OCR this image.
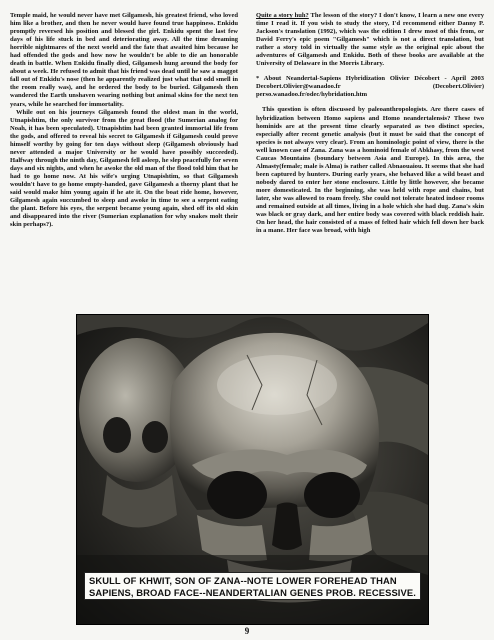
Temple maid, he would never have met Gilgamesh, his greatest friend, who loved him like a brother, and then he never would have found true happiness. Enkidu promptly reversed his position and blessed the girl. Enkidu spent the last few days of his life stuck in bed and deteriorating away. All the time dreaming horrible nightmares of the next world and the fate that awaited him because he had offended the gods and how now he wouldn't be able to die an honorable death in battle. When Enkidu finally died, Gilgamesh hung around the body for about a week. He refused to admit that his friend was dead until he saw a maggot fall out of Enkidu's nose (then he apparently realized just what that odd smell in the room really was), and he ordered the body to be buried. Gilgamesh then wandered the Earth unshaven wearing nothing but animal skins for the next ten years, while he searched for immortality.

While out on his journeys Gilgamesh found the oldest man in the world, Utnapishtim, the only survivor from the great flood (the Sumerian analog for Noah, it has been speculated). Utnapishtim had been granted immortal life from the gods, and offered to reveal his secret to Gilgamesh if Gilgamesh could prove himself worthy by going for ten days without sleep (Gilgamesh obviously had never attended a major University or he would have possibly succeeded). Halfway through the ninth day, Gilgamesh fell asleep, he slep peacefully for seven days and six nights, and when he awoke the old man of the flood told him that he had to go home now. At his wife's urging Utnapishtim, so that Gilgamesh wouldn't have to go home empty-handed, gave Gilgamesh a thorny plant that he said would make him young again if he ate it. On the boat ride home, however, Gilgamesh again succumbed to sleep and awoke in time to see a serpent eating the plant. Before his eyes, the serpent became young again, shed off its old skin and disappeared into the river (Sumerian explanation for why snakes molt their skin perhaps?).

Quite a story huh? The lesson of the story? I don't know, I learn a new one every time I read it. If you wish to study the story, I'd recommend either Danny P. Jackson's translation (1992), which was the edition I drew most of this from, or David Ferry's epic poem "Gilgamesh" which is not a direct translation, but rather a story told in virtually the same style as the original epic about the adventures of Gilgamesh and Enkidu. Both of these books are available at the University of Delaware in the Morris Library.

* About Neandertal-Sapiens Hybridization Olivier Décobert - April 2003 Decobert.Olivier@wanadoo.fr (Decobert.Olivier) perso.wanadoo.fr/odec/hybridation.htm

This question is often discussed by paleoanthropologists. Are there cases of hybridization between Homo sapiens and Homo neandertalensis? These two hominids are at the present time clearly separated as two distinct species, especially after recent genetic analysis (but it must be said that the concept of species is not always very clear). From an hominologic point of view, there is the well known case of Zana. Zana was a hominoid female of Abkhasy, from the west Caucas Mountains (boundary between Asia and Europe). In this area, the Almasty(female; male is Alma) is rather called Abnaouaiou. It seems that she had been captured by hunters. During early years, she behaved like a wild beast and nobody dared to enter her stone enclosure. Little by little however, she became more domesticated. In the beginning, she was held with rope and chains, but later, she was allowed to roam freely. She could not tolerate heated indoor rooms and remained outside at all times, living in a hole which she had dug. Zana's skin was black or gray dark, and her entire body was covered with black reddish hair. On her head, the hair consisted of a mass of felted hair which fell down her back in a mane. Her face was broad, with high

SKULL OF KHWIT, SON OF ZANA--NOTE LOWER FOREHEAD THAN
SAPIENS, BROAD FACE--NEANDERTALIAN GENES PROB. RECESSIVE.
9
